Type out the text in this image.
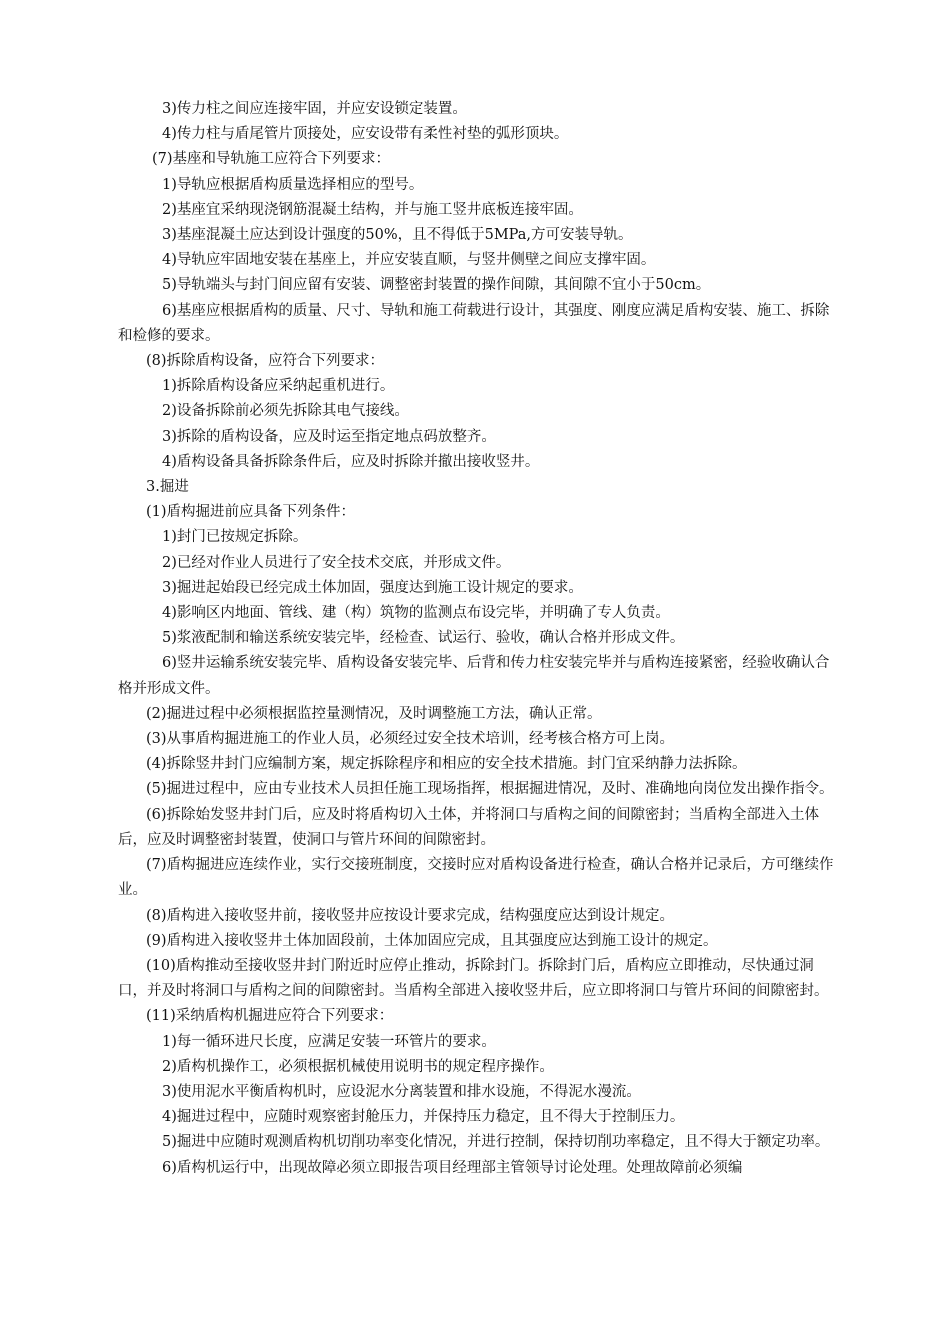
3)传力柱之间应连接牢固，并应安设锁定装置。

4)传力柱与盾尾管片顶接处，应安设带有柔性衬垫的弧形顶块。

(7)基座和导轨施工应符合下列要求：

1)导轨应根据盾构质量选择相应的型号。

2)基座宜采纳现浇钢筋混凝土结构，并与施工竖井底板连接牢固。

3)基座混凝土应达到设计强度的50%，且不得低于5MPa,方可安装导轨。

4)导轨应牢固地安装在基座上，并应安装直顺，与竖井侧壁之间应支撑牢固。

5)导轨端头与封门间应留有安装、调整密封装置的操作间隙，其间隙不宜小于50cm。

6)基座应根据盾构的质量、尺寸、导轨和施工荷载进行设计，其强度、刚度应满足盾构安装、施工、拆除和检修的要求。

(8)拆除盾构设备，应符合下列要求：

1)拆除盾构设备应采纳起重机进行。

2)设备拆除前必须先拆除其电气接线。

3)拆除的盾构设备，应及时运至指定地点码放整齐。

4)盾构设备具备拆除条件后，应及时拆除并撤出接收竖井。

3.掘进

(1)盾构掘进前应具备下列条件：

1)封门已按规定拆除。

2)已经对作业人员进行了安全技术交底，并形成文件。

3)掘进起始段已经完成土体加固，强度达到施工设计规定的要求。

4)影响区内地面、管线、建（构）筑物的监测点布设完毕，并明确了专人负责。

5)浆液配制和输送系统安装完毕，经检查、试运行、验收，确认合格并形成文件。

6)竖井运输系统安装完毕、盾构设备安装完毕、后背和传力柱安装完毕并与盾构连接紧密，经验收确认合格并形成文件。

(2)掘进过程中必须根据监控量测情况，及时调整施工方法，确认正常。

(3)从事盾构掘进施工的作业人员，必须经过安全技术培训，经考核合格方可上岗。

(4)拆除竖井封门应编制方案，规定拆除程序和相应的安全技术措施。封门宜采纳静力法拆除。

(5)掘进过程中，应由专业技术人员担任施工现场指挥，根据掘进情况，及时、准确地向岗位发出操作指令。

(6)拆除始发竖井封门后，应及时将盾构切入土体，并将洞口与盾构之间的间隙密封；当盾构全部进入土体后，应及时调整密封装置，使洞口与管片环间的间隙密封。

(7)盾构掘进应连续作业，实行交接班制度，交接时应对盾构设备进行检查，确认合格并记录后，方可继续作业。

(8)盾构进入接收竖井前，接收竖井应按设计要求完成，结构强度应达到设计规定。

(9)盾构进入接收竖井土体加固段前，土体加固应完成，且其强度应达到施工设计的规定。

(10)盾构推动至接收竖井封门附近时应停止推动，拆除封门。拆除封门后，盾构应立即推动，尽快通过洞口，并及时将洞口与盾构之间的间隙密封。当盾构全部进入接收竖井后，应立即将洞口与管片环间的间隙密封。

(11)采纳盾构机掘进应符合下列要求：

1)每一循环进尺长度，应满足安装一环管片的要求。

2)盾构机操作工，必须根据机械使用说明书的规定程序操作。

3)使用泥水平衡盾构机时，应设泥水分离装置和排水设施，不得泥水漫流。

4)掘进过程中，应随时观察密封舱压力，并保持压力稳定，且不得大于控制压力。

5)掘进中应随时观测盾构机切削功率变化情况，并进行控制，保持切削功率稳定，且不得大于额定功率。

6)盾构机运行中，出现故障必须立即报告项目经理部主管领导讨论处理。处理故障前必须编
